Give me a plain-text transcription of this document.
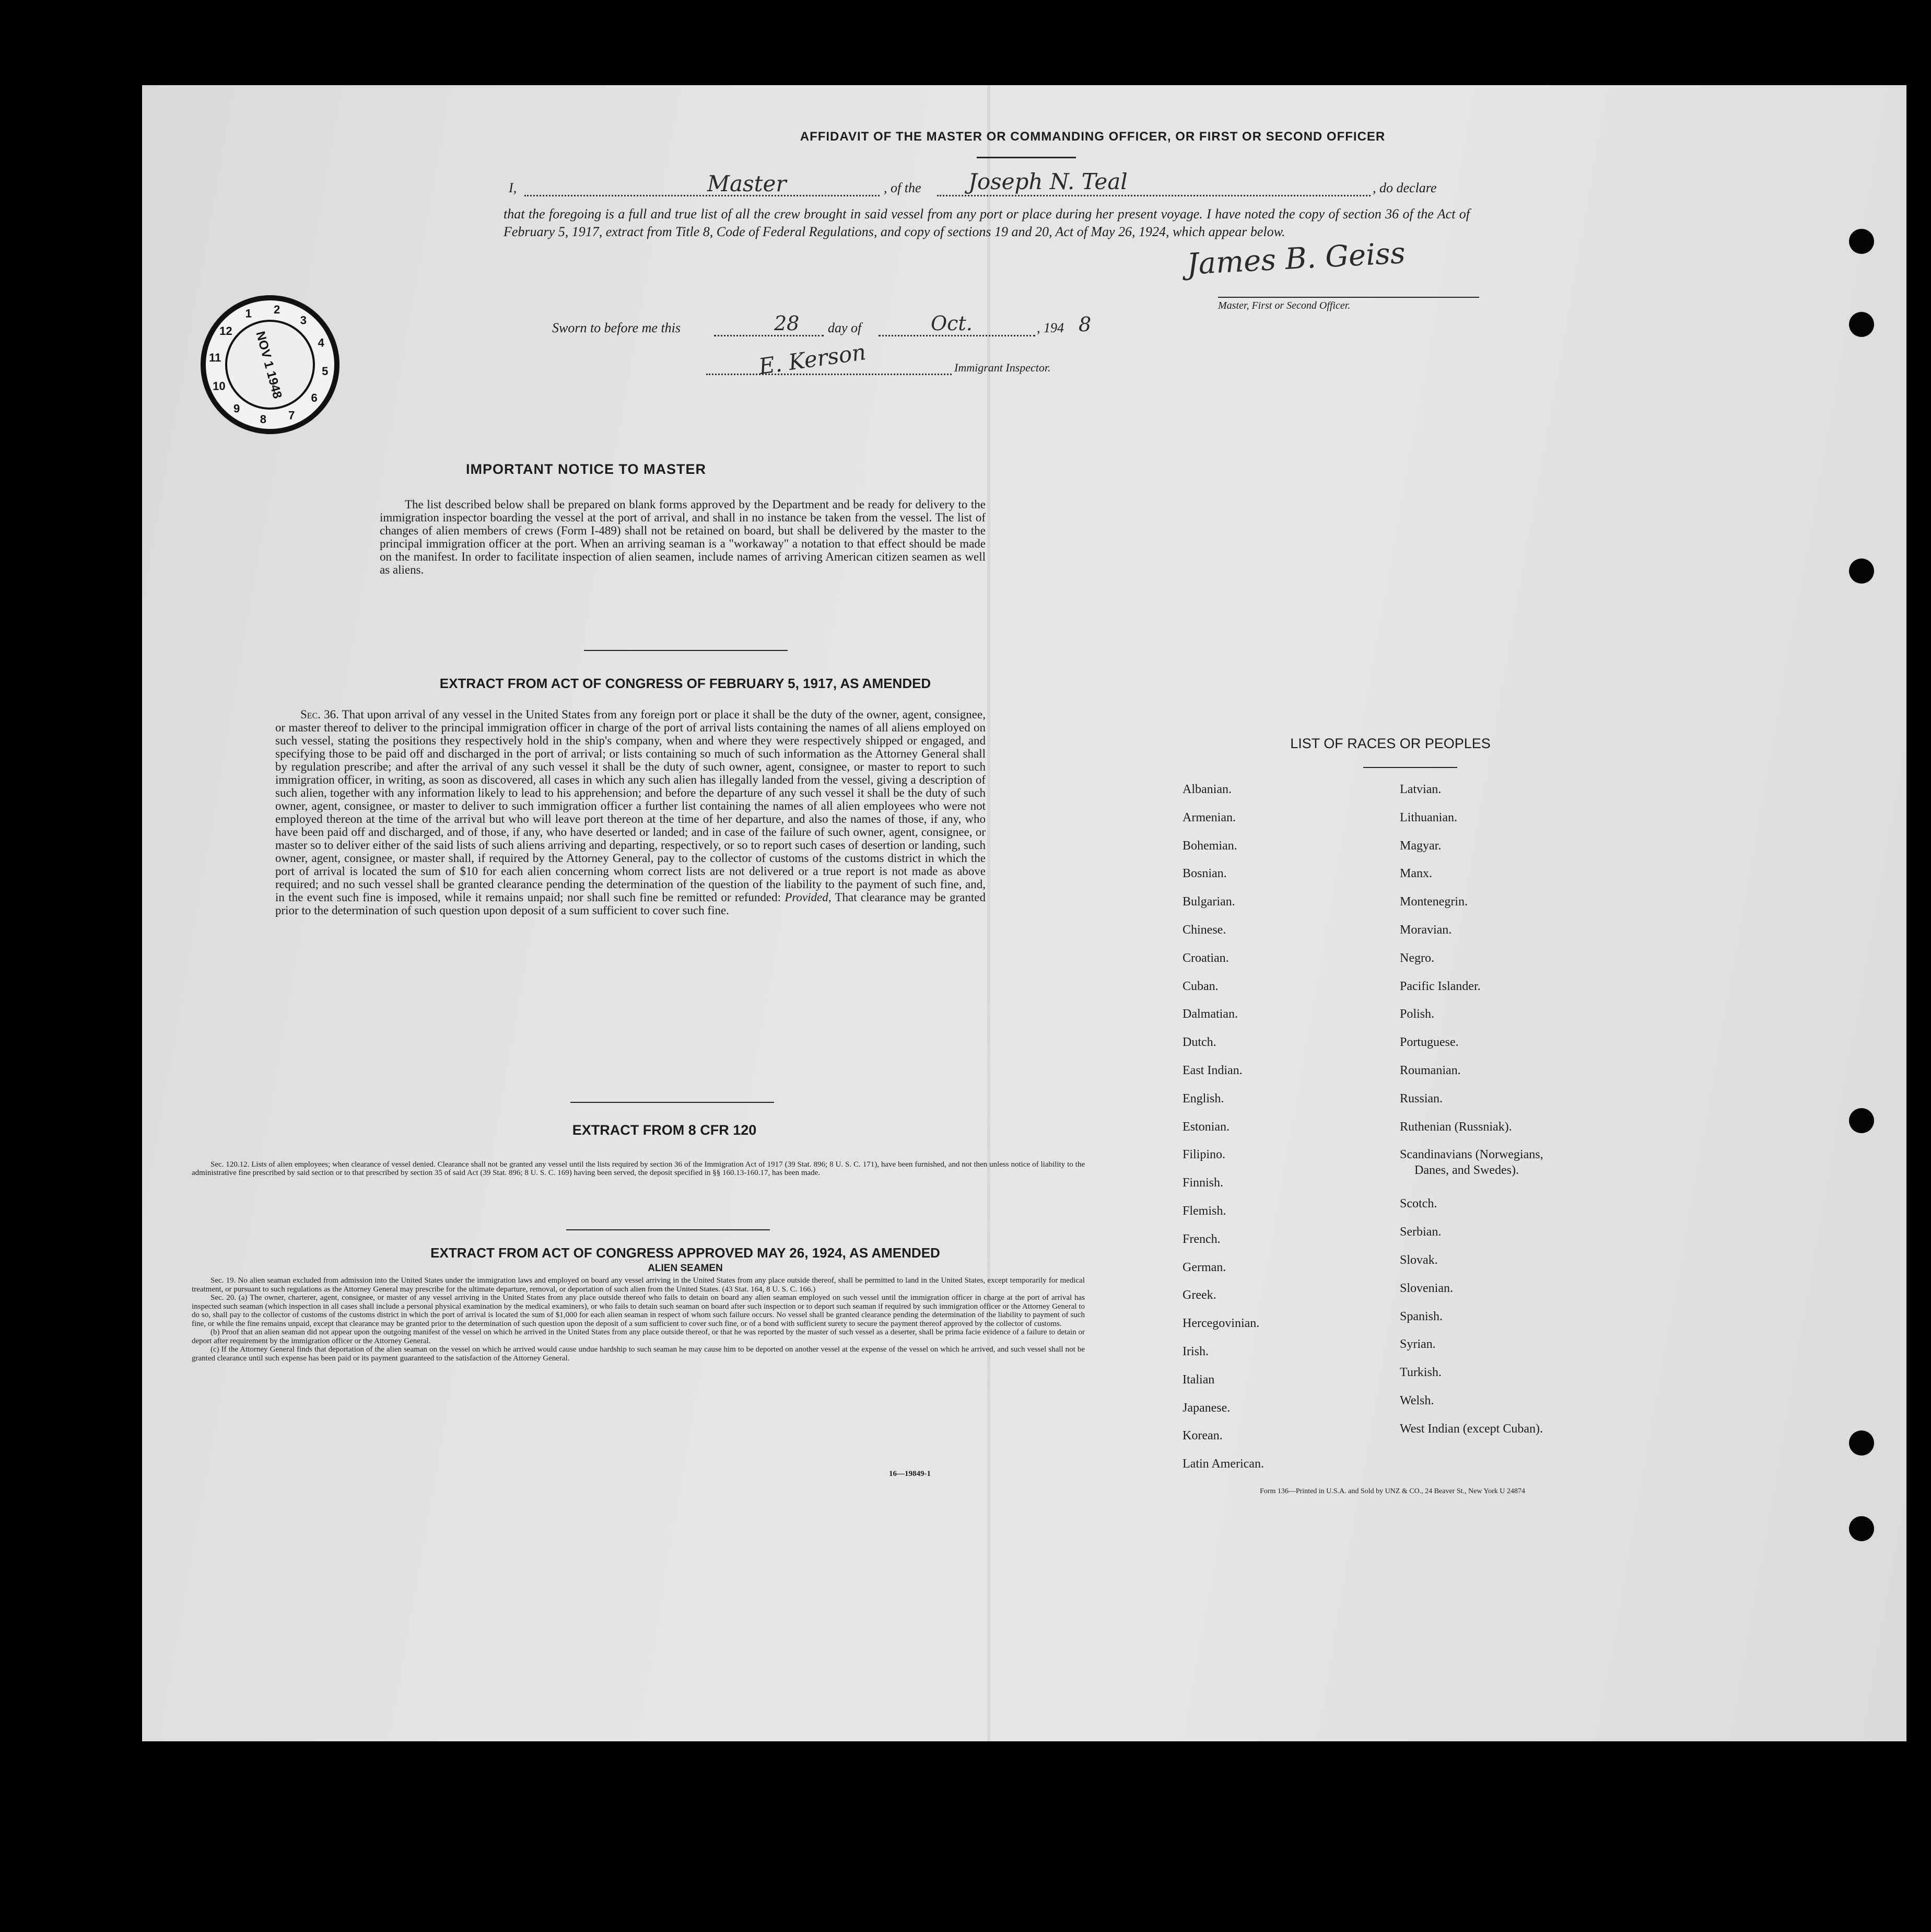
AFFIDAVIT OF THE MASTER OR COMMANDING OFFICER, OR FIRST OR SECOND OFFICER
I,	Master	, of the Joseph N. Teal	, do declare
that the foregoing is a full and true list of all the crew brought in said vessel from any port or place during her present voyage. I have noted the copy of section 36 of the Act of February 5, 1917, extract from Title 8, Code of Federal Regulations, and copy of sections 19 and 20, Act of May 26, 1924, which appear below.
James B. Geiss
Master, First or Second Officer.
Sworn to before me this	28 day of	Oct.	, 194 8
E. Kerson	Immigrant Inspector.
1 2
3
4
5
6
7
8
9
10
11
12 NOV 1 1948
IMPORTANT NOTICE TO MASTER
The list described below shall be prepared on blank forms approved by the Department and be ready for delivery to the immigration inspector boarding the vessel at the port of arrival, and shall in no instance be taken from the vessel. The list of changes of alien members of crews (Form I-489) shall not be retained on board, but shall be delivered by the master to the principal immigration officer at the port. When an arriving seaman is a "workaway" a notation to that effect should be made on the manifest. In order to facilitate inspection of alien seamen, include names of arriving American citizen seamen as well as aliens.
EXTRACT FROM ACT OF CONGRESS OF FEBRUARY 5, 1917, AS AMENDED
Sec. 36. That upon arrival of any vessel in the United States from any foreign port or place it shall be the duty of the owner, agent, consignee, or master thereof to deliver to the principal immigration officer in charge of the port of arrival lists containing the names of all aliens employed on such vessel, stating the positions they respectively hold in the ship's company, when and where they were respectively shipped or engaged, and specifying those to be paid off and discharged in the port of arrival; or lists containing so much of such information as the Attorney General shall by regulation prescribe; and after the arrival of any such vessel it shall be the duty of such owner, agent, consignee, or master to report to such immigration officer, in writing, as soon as discovered, all cases in which any such alien has illegally landed from the vessel, giving a description of such alien, together with any information likely to lead to his apprehension; and before the departure of any such vessel it shall be the duty of such owner, agent, consignee, or master to deliver to such immigration officer a further list containing the names of all alien employees who were not employed thereon at the time of the arrival but who will leave port thereon at the time of her departure, and also the names of those, if any, who have been paid off and discharged, and of those, if any, who have deserted or landed; and in case of the failure of such owner, agent, consignee, or master so to deliver either of the said lists of such aliens arriving and departing, respectively, or so to report such cases of desertion or landing, such owner, agent, consignee, or master shall, if required by the Attorney General, pay to the collector of customs of the customs district in which the port of arrival is located the sum of $10 for each alien concerning whom correct lists are not delivered or a true report is not made as above required; and no such vessel shall be granted clearance pending the determination of the question of the liability to the payment of such fine, and, in the event such fine is imposed, while it remains unpaid; nor shall such fine be remitted or refunded: Provided, That clearance may be granted prior to the determination of such question upon deposit of a sum sufficient to cover such fine.
EXTRACT FROM 8 CFR 120
Sec. 120.12. Lists of alien employees; when clearance of vessel denied. Clearance shall not be granted any vessel until the lists required by section 36 of the Immigration Act of 1917 (39 Stat. 896; 8 U. S. C. 171), have been furnished, and not then unless notice of liability to the administrative fine prescribed by said section or to that prescribed by section 35 of said Act (39 Stat. 896; 8 U. S. C. 169) having been served, the deposit specified in §§ 160.13-160.17, has been made.
EXTRACT FROM ACT OF CONGRESS APPROVED MAY 26, 1924, AS AMENDED
ALIEN SEAMEN
Sec. 19. No alien seaman excluded from admission into the United States under the immigration laws and employed on board any vessel arriving in the United States from any place outside thereof, shall be permitted to land in the United States, except temporarily for medical treatment, or pursuant to such regulations as the Attorney General may prescribe for the ultimate departure, removal, or deportation of such alien from the United States. (43 Stat. 164, 8 U. S. C. 166.)
Sec. 20. (a) The owner, charterer, agent, consignee, or master of any vessel arriving in the United States from any place outside thereof who fails to detain on board any alien seaman employed on such vessel until the immigration officer in charge at the port of arrival has inspected such seaman (which inspection in all cases shall include a personal physical examination by the medical examiners), or who fails to detain such seaman on board after such inspection or to deport such seaman if required by such immigration officer or the Attorney General to do so, shall pay to the collector of customs of the customs district in which the port of arrival is located the sum of $1,000 for each alien seaman in respect of whom such failure occurs. No vessel shall be granted clearance pending the determination of the liability to payment of such fine, or while the fine remains unpaid, except that clearance may be granted prior to the determination of such question upon the deposit of a sum sufficient to cover such fine, or of a bond with sufficient surety to secure the payment thereof approved by the collector of customs.
(b) Proof that an alien seaman did not appear upon the outgoing manifest of the vessel on which he arrived in the United States from any place outside thereof, or that he was reported by the master of such vessel as a deserter, shall be prima facie evidence of a failure to detain or deport after requirement by the immigration officer or the Attorney General.
(c) If the Attorney General finds that deportation of the alien seaman on the vessel on which he arrived would cause undue hardship to such seaman he may cause him to be deported on another vessel at the expense of the vessel on which he arrived, and such vessel shall not be granted clearance until such expense has been paid or its payment guaranteed to the satisfaction of the Attorney General.
16—19849-1
LIST OF RACES OR PEOPLES
Form 136—Printed in U.S.A. and Sold by UNZ & CO., 24 Beaver St., New York U 24874
Albanian.
Armenian.
Bohemian.
Bosnian.
Bulgarian.
Chinese.
Croatian.
Cuban.
Dalmatian.
Dutch.
East Indian.
English.
Estonian.
Filipino.
Finnish.
Flemish.
French.
German.
Greek.
Hercegovinian.
Irish.
Italian
Japanese.
Korean.
Latin American.
Latvian.
Lithuanian.
Magyar.
Manx.
Montenegrin.
Moravian.
Negro.
Pacific Islander.
Polish.
Portuguese.
Roumanian.
Russian.
Ruthenian (Russniak).
Scandinavians (Norwegians,
Danes, and Swedes).
Scotch.
Serbian.
Slovak.
Slovenian.
Spanish.
Syrian.
Turkish.
Welsh.
West Indian (except Cuban).
